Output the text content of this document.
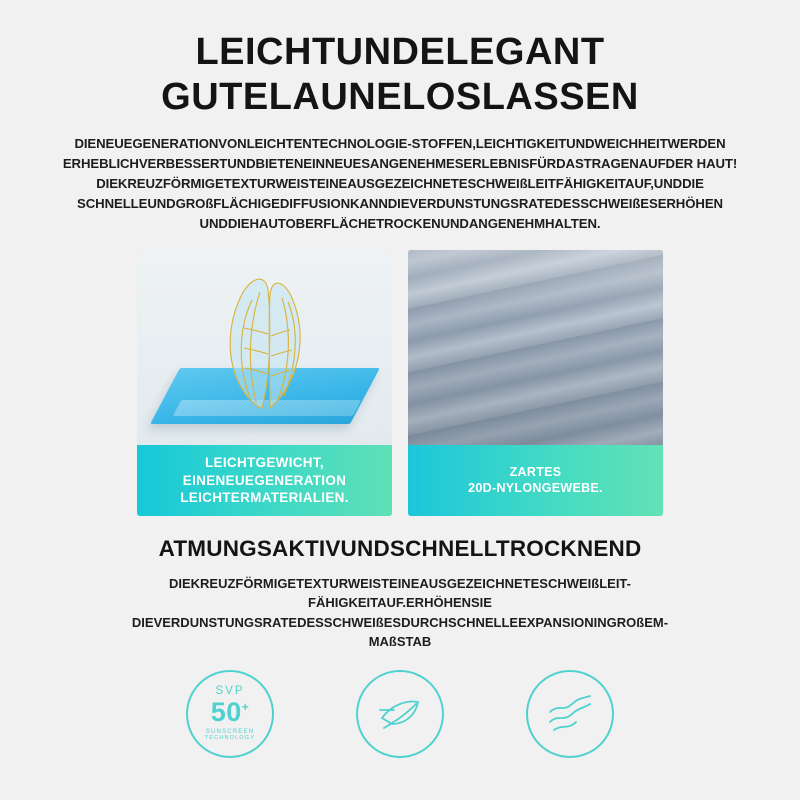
LEICHTUNDELEGANT
GUTELAUNELOSLASSEN
DIENEUEGENERATIONVONLEICHTENTECHNOLOGIE-STOFFEN,LEICHTIGKEITUNDWEICHHEITWERDEN
ERHEBLICHVERBESSERTUNDBIETENEINNEUESANGENEHMESERLEBNISFÜRDASTRAGENAUFDER HAUT!
DIEKREUZFÖRMIGETEXTURWEISTEINEAUSGEZEICHNETESCHWEIßLEITFÄHIGKEITAUF,UNDDIE
SCHNELLEUNDGROßFLÄCHIGEDIFFUSIONKANNDIEVERDUNSTUNGSRATEDESSCHWEIßESERHÖHEN
UNDDIEHAUTOBERFLÄCHETROCKENUNDANGENEHMHALTEN.
LEICHTGEWICHT,
EINENEUEGENERATION
LEICHTERMATERIALIEN.
ZARTES
20D-NYLONGEWEBE.
ATMUNGSAKTIVUNDSCHNELLTROCKNEND
DIEKREUZFÖRMIGETEXTURWEISTEINEAUSGEZEICHNETESCHWEIßLEIT-
FÄHIGKEITAUF.ERHÖHENSIE
DIEVERDUNSTUNGSRATEDESSCHWEIßESDURCHSCHNELLEEXPANSIONINGROßEM-
MAßSTAB
SVP
50+
SUNSCREEN
TECHNOLOGY
